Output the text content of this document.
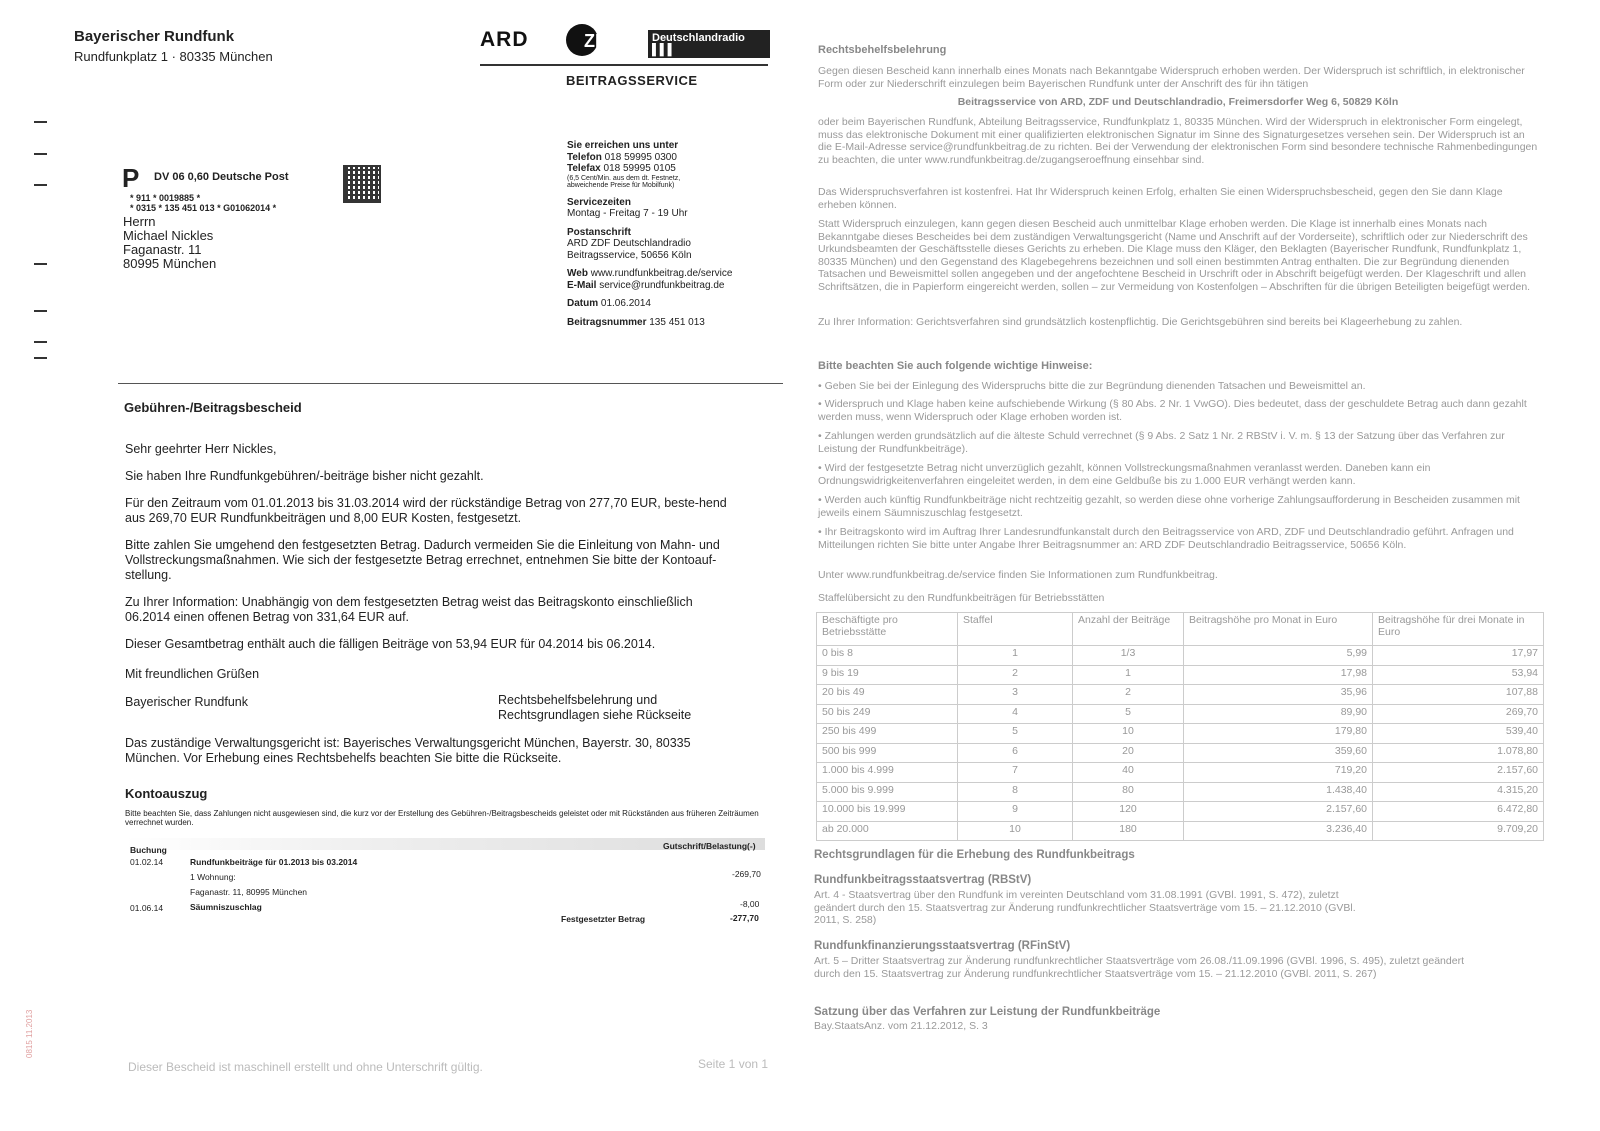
Bayerischer Rundfunk
Rundfunkplatz 1 · 80335 München
ARD	ZDF	Deutschlandradio ▌▌▌
BEITRAGSSERVICE
P DV 06 0,60 Deutsche Post
* 911 * 0019885 *
* 0315 * 135 451 013 * G01062014 *
Herrn
Michael Nickles
Faganastr. 11
80995 München
Sie erreichen uns unter
Telefon 018 59995 0300
Telefax 018 59995 0105
(6,5 Cent/Min. aus dem dt. Festnetz,
abweichende Preise für Mobilfunk)
Servicezeiten
Montag - Freitag 7 - 19 Uhr
Postanschrift
ARD ZDF Deutschlandradio
Beitragsservice, 50656 Köln
Web www.rundfunkbeitrag.de/service
E-Mail service@rundfunkbeitrag.de
Datum 01.06.2014
Beitragsnummer 135 451 013
Gebühren-/Beitragsbescheid
Sehr geehrter Herr Nickles,
Sie haben Ihre Rundfunkgebühren/-beiträge bisher nicht gezahlt.
Für den Zeitraum vom 01.01.2013 bis 31.03.2014 wird der rückständige Betrag von 277,70 EUR, beste-hend aus 269,70 EUR Rundfunkbeiträgen und 8,00 EUR Kosten, festgesetzt.
Bitte zahlen Sie umgehend den festgesetzten Betrag. Dadurch vermeiden Sie die Einleitung von Mahn- und Vollstreckungsmaßnahmen. Wie sich der festgesetzte Betrag errechnet, entnehmen Sie bitte der Kontoauf-stellung.
Zu Ihrer Information: Unabhängig von dem festgesetzten Betrag weist das Beitragskonto einschließlich 06.2014 einen offenen Betrag von 331,64 EUR auf.
Dieser Gesamtbetrag enthält auch die fälligen Beiträge von 53,94 EUR für 04.2014 bis 06.2014.
Mit freundlichen Grüßen
Bayerischer Rundfunk	Rechtsbehelfsbelehrung und
Rechtsgrundlagen siehe Rückseite
Das zuständige Verwaltungsgericht ist: Bayerisches Verwaltungsgericht München, Bayerstr. 30, 80335 München. Vor Erhebung eines Rechtsbehelfs beachten Sie bitte die Rückseite.
Kontoauszug
Bitte beachten Sie, dass Zahlungen nicht ausgewiesen sind, die kurz vor der Erstellung des Gebühren-/Beitragsbescheids geleistet oder mit Rückständen aus früheren Zeiträumen verrechnet wurden.
Buchung	Gutschrift/Belastung(-)
01.02.14	Rundfunkbeiträge für 01.2013 bis 03.2014
1 Wohnung:	-269,70
Faganastr. 11, 80995 München
01.06.14	Säumniszuschlag	-8,00
Festgesetzter Betrag	-277,70
Dieser Bescheid ist maschinell erstellt und ohne Unterschrift gültig.	Seite 1 von 1
0815 11.2013
Rechtsbehelfsbelehrung
Gegen diesen Bescheid kann innerhalb eines Monats nach Bekanntgabe Widerspruch erhoben werden. Der Widerspruch ist schriftlich, in elektronischer Form oder zur Niederschrift einzulegen beim Bayerischen Rundfunk unter der Anschrift des für ihn tätigen
Beitragsservice von ARD, ZDF und Deutschlandradio, Freimersdorfer Weg 6, 50829 Köln
oder beim Bayerischen Rundfunk, Abteilung Beitragsservice, Rundfunkplatz 1, 80335 München. Wird der Widerspruch in elektronischer Form eingelegt, muss das elektronische Dokument mit einer qualifizierten elektronischen Signatur im Sinne des Signaturgesetzes versehen sein. Der Widerspruch ist an die E-Mail-Adresse service@rundfunkbeitrag.de zu richten. Bei der Verwendung der elektronischen Form sind besondere technische Rahmenbedingungen zu beachten, die unter www.rundfunkbeitrag.de/zugangseroeffnung einsehbar sind.
Das Widerspruchsverfahren ist kostenfrei. Hat Ihr Widerspruch keinen Erfolg, erhalten Sie einen Widerspruchsbescheid, gegen den Sie dann Klage erheben können.
Statt Widerspruch einzulegen, kann gegen diesen Bescheid auch unmittelbar Klage erhoben werden. Die Klage ist innerhalb eines Monats nach Bekanntgabe dieses Bescheides bei dem zuständigen Verwaltungsgericht (Name und Anschrift auf der Vorderseite), schriftlich oder zur Niederschrift des Urkundsbeamten der Geschäftsstelle dieses Gerichts zu erheben. Die Klage muss den Kläger, den Beklagten (Bayerischer Rundfunk, Rundfunkplatz 1, 80335 München) und den Gegenstand des Klagebegehrens bezeichnen und soll einen bestimmten Antrag enthalten. Die zur Begründung dienenden Tatsachen und Beweismittel sollen angegeben und der angefochtene Bescheid in Urschrift oder in Abschrift beigefügt werden. Der Klageschrift und allen Schriftsätzen, die in Papierform eingereicht werden, sollen – zur Vermeidung von Kostenfolgen – Abschriften für die übrigen Beteiligten beigefügt werden.
Zu Ihrer Information: Gerichtsverfahren sind grundsätzlich kostenpflichtig. Die Gerichtsgebühren sind bereits bei Klageerhebung zu zahlen.
Bitte beachten Sie auch folgende wichtige Hinweise:
• Geben Sie bei der Einlegung des Widerspruchs bitte die zur Begründung dienenden Tatsachen und Beweismittel an.
• Widerspruch und Klage haben keine aufschiebende Wirkung (§ 80 Abs. 2 Nr. 1 VwGO). Dies bedeutet, dass der geschuldete Betrag auch dann gezahlt werden muss, wenn Widerspruch oder Klage erhoben worden ist.
• Zahlungen werden grundsätzlich auf die älteste Schuld verrechnet (§ 9 Abs. 2 Satz 1 Nr. 2 RBStV i. V. m. § 13 der Satzung über das Verfahren zur Leistung der Rundfunkbeiträge).
• Wird der festgesetzte Betrag nicht unverzüglich gezahlt, können Vollstreckungsmaßnahmen veranlasst werden. Daneben kann ein Ordnungswidrigkeitenverfahren eingeleitet werden, in dem eine Geldbuße bis zu 1.000 EUR verhängt werden kann.
• Werden auch künftig Rundfunkbeiträge nicht rechtzeitig gezahlt, so werden diese ohne vorherige Zahlungsaufforderung in Bescheiden zusammen mit jeweils einem Säumniszuschlag festgesetzt.
• Ihr Beitragskonto wird im Auftrag Ihrer Landesrundfunkanstalt durch den Beitragsservice von ARD, ZDF und Deutschlandradio geführt. Anfragen und Mitteilungen richten Sie bitte unter Angabe Ihrer Beitragsnummer an: ARD ZDF Deutschlandradio Beitragsservice, 50656 Köln.
Unter www.rundfunkbeitrag.de/service finden Sie Informationen zum Rundfunkbeitrag.
Staffelübersicht zu den Rundfunkbeiträgen für Betriebsstätten
Beschäftigte pro Betriebsstätte	Staffel	Anzahl der Beiträge	Beitragshöhe pro Monat in Euro	Beitragshöhe für drei Monate in Euro
0 bis 8	1	1/3	5,99	17,97
9 bis 19	2	1	17,98	53,94
20 bis 49	3	2	35,96	107,88
50 bis 249	4	5	89,90	269,70
250 bis 499	5	10	179,80	539,40
500 bis 999	6	20	359,60	1.078,80
1.000 bis 4.999	7	40	719,20	2.157,60
5.000 bis 9.999	8	80	1.438,40	4.315,20
10.000 bis 19.999	9	120	2.157,60	6.472,80
ab 20.000	10	180	3.236,40	9.709,20
Rechtsgrundlagen für die Erhebung des Rundfunkbeitrags
Rundfunkbeitragsstaatsvertrag (RBStV)
Art. 4 - Staatsvertrag über den Rundfunk im vereinten Deutschland vom 31.08.1991 (GVBl. 1991, S. 472), zuletzt geändert durch den 15. Staatsvertrag zur Änderung rundfunkrechtlicher Staatsverträge vom 15. – 21.12.2010 (GVBl. 2011, S. 258)
Rundfunkfinanzierungsstaatsvertrag (RFinStV)
Art. 5 – Dritter Staatsvertrag zur Änderung rundfunkrechtlicher Staatsverträge vom 26.08./11.09.1996 (GVBl. 1996, S. 495), zuletzt geändert durch den 15. Staatsvertrag zur Änderung rundfunkrechtlicher Staatsverträge vom 15. – 21.12.2010 (GVBl. 2011, S. 267)
Satzung über das Verfahren zur Leistung der Rundfunkbeiträge
Bay.StaatsAnz. vom 21.12.2012, S. 3
